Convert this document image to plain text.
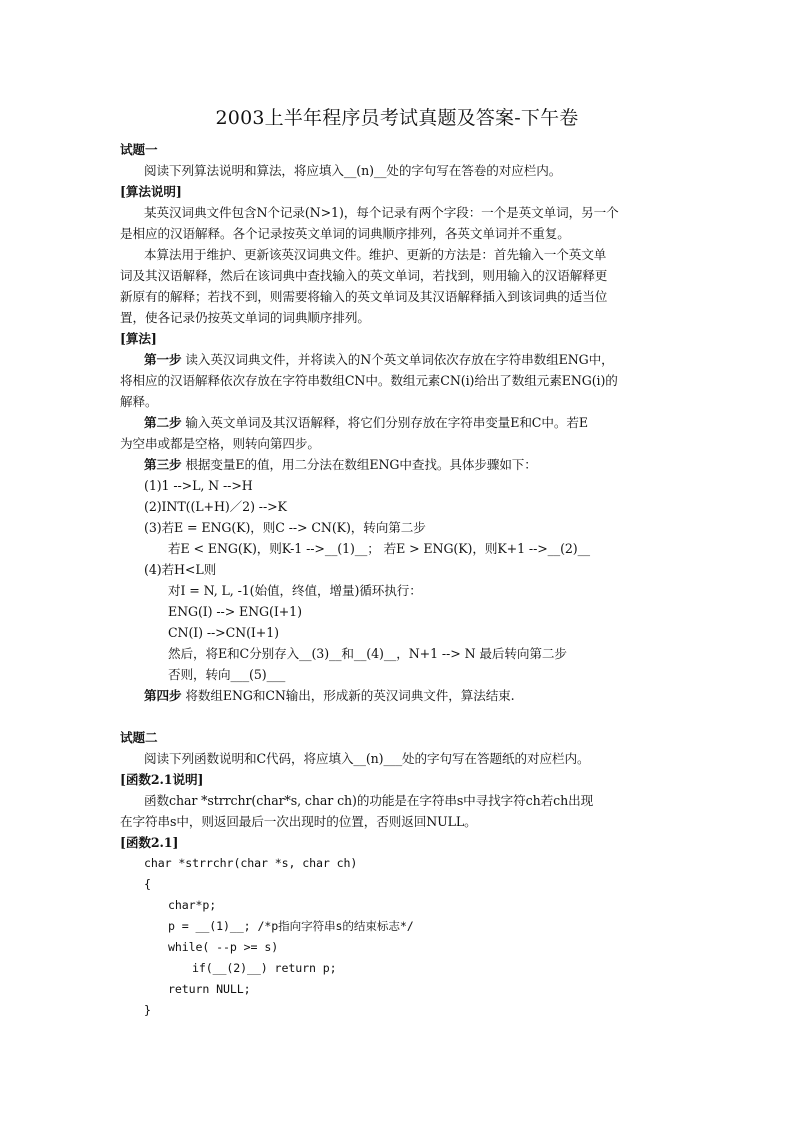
2003上半年程序员考试真题及答案-下午卷
试题一
阅读下列算法说明和算法，将应填入__(n)__处的字句写在答卷的对应栏内。
[算法说明]
某英汉词典文件包含N个记录(N>1)，每个记录有两个字段：一个是英文单词，另一个
是相应的汉语解释。各个记录按英文单词的词典顺序排列，各英文单词并不重复。
本算法用于维护、更新该英汉词典文件。维护、更新的方法是：首先输入一个英文单
词及其汉语解释，然后在该词典中查找输入的英文单词，若找到，则用输入的汉语解释更
新原有的解释；若找不到，则需要将输入的英文单词及其汉语解释插入到该词典的适当位
置，使各记录仍按英文单词的词典顺序排列。
[算法]
第一步 读入英汉词典文件，并将读入的N个英文单词依次存放在字符串数组ENG中，
将相应的汉语解释依次存放在字符串数组CN中。数组元素CN(i)给出了数组元素ENG(i)的
解释。
第二步 输入英文单词及其汉语解释，将它们分别存放在字符串变量E和C中。若E
为空串或都是空格，则转向第四步。
第三步 根据变量E的值，用二分法在数组ENG中查找。具体步骤如下：
(1)1 -->L, N -->H
(2)INT((L+H)／2) -->K
(3)若E = ENG(K)，则C --> CN(K)，转向第二步
若E < ENG(K)，则K-1 -->__(1)__； 若E > ENG(K)，则K+1 -->__(2)__
(4)若H<L则
对I = N, L, -1(始值，终值，增量)循环执行：
ENG(I) --> ENG(I+1)
CN(I) -->CN(I+1)
然后，将E和C分别存入__(3)__和__(4)__，N+1 --> N 最后转向第二步
否则，转向___(5)___
第四步 将数组ENG和CN输出，形成新的英汉词典文件，算法结束.
试题二
阅读下列函数说明和C代码，将应填入__(n)___处的字句写在答题纸的对应栏内。
[函数2.1说明]
函数char *strrchr(char*s, char ch)的功能是在字符串s中寻找字符ch若ch出现
在字符串s中，则返回最后一次出现时的位置，否则返回NULL。
[函数2.1]
char *strrchr(char *s, char ch)
{
char*p;
p = __(1)__; /*p指向字符串s的结束标志*/
while( --p >= s)
if(__(2)__) return p;
return NULL;
}
